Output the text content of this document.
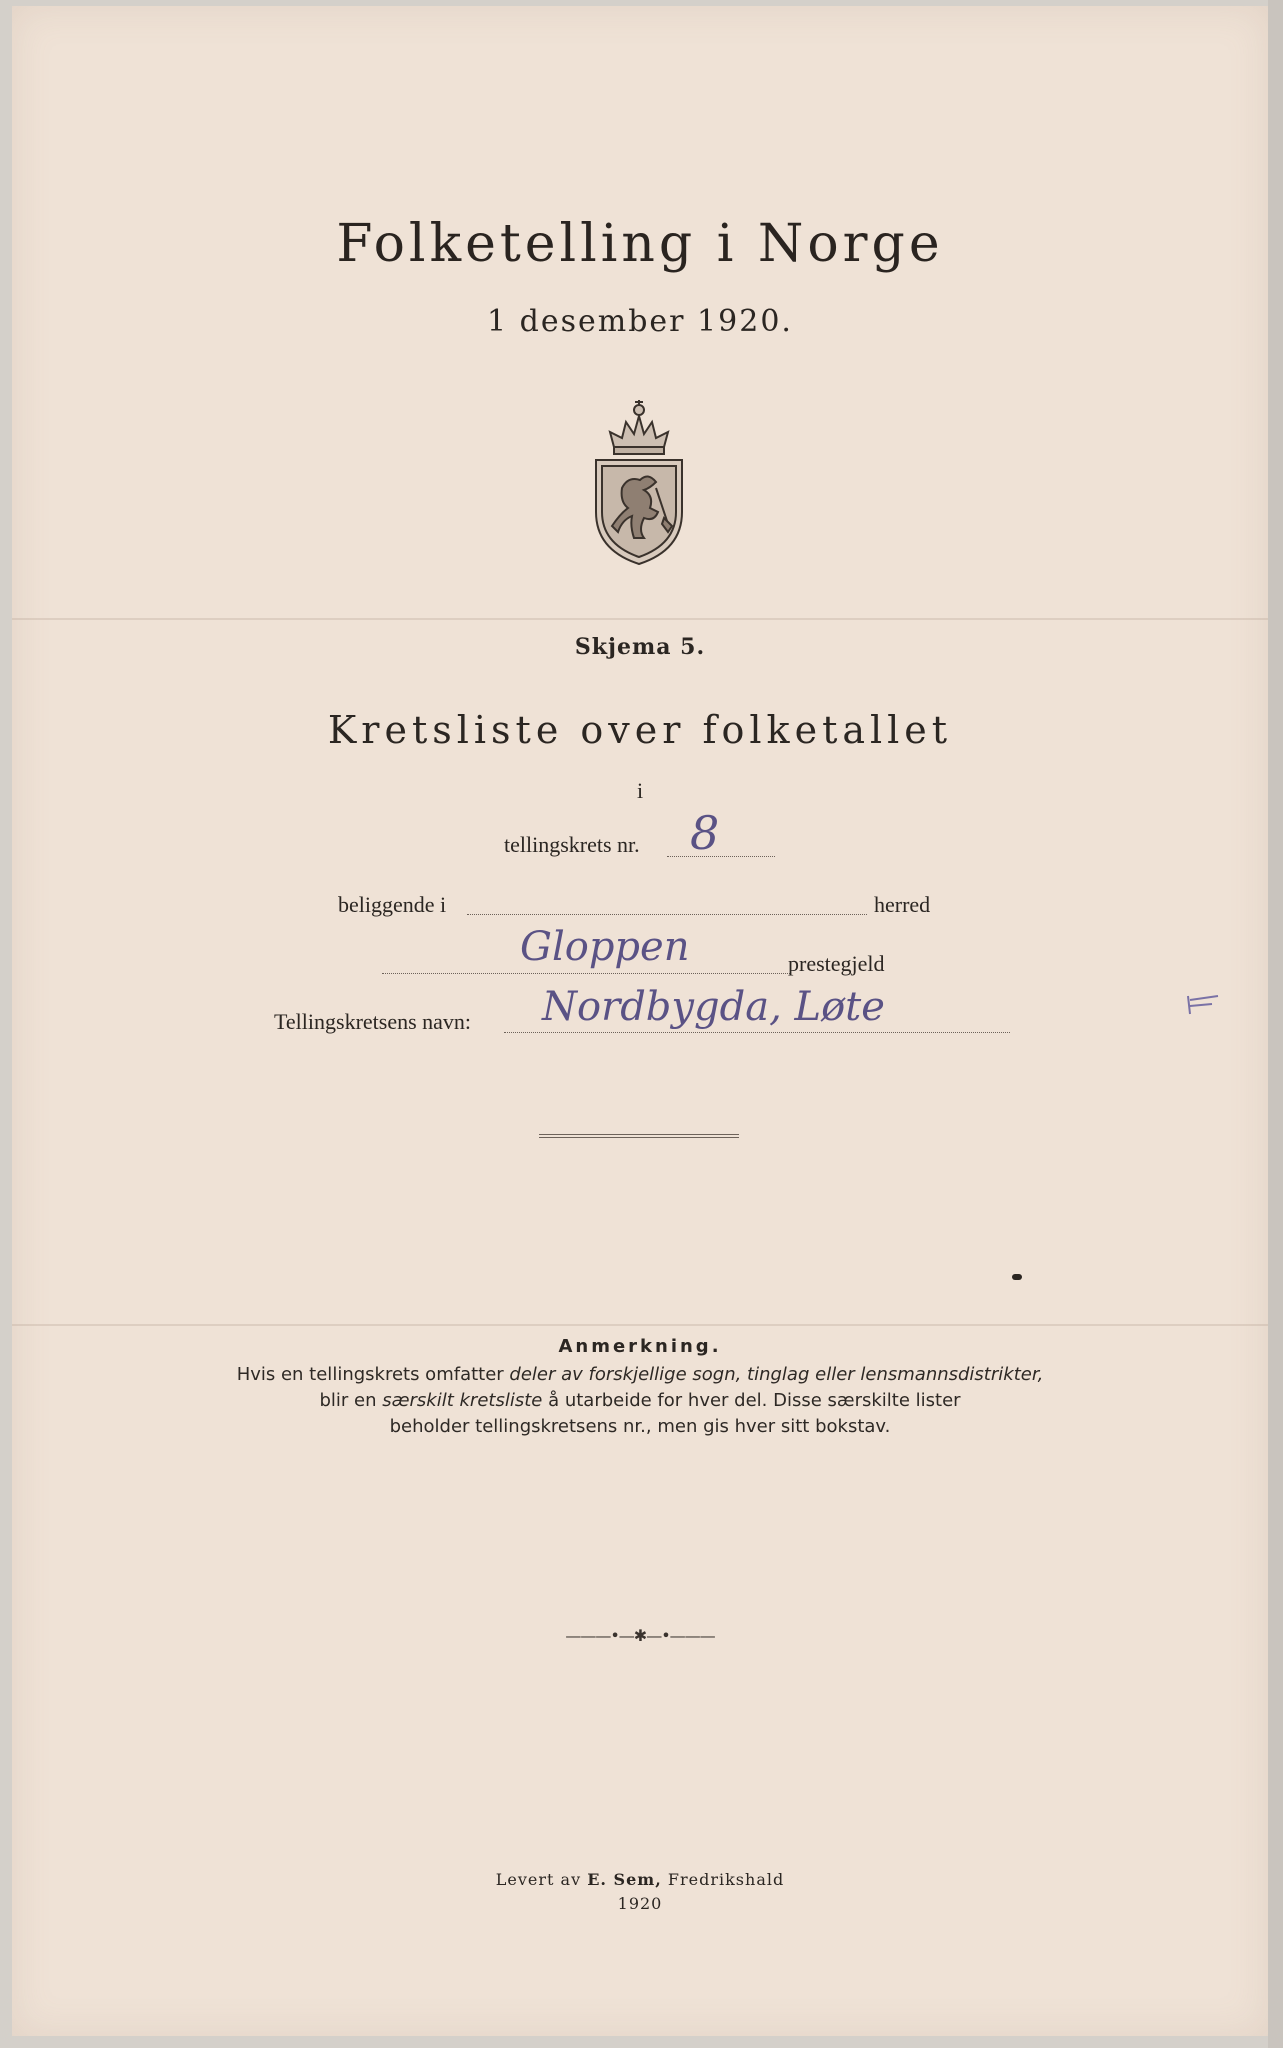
Folketelling i Norge
1 desember 1920.
Skjema 5.
Kretsliste over folketallet
i
tellingskrets nr. 8
beliggende i	herred
Gloppen	prestegjeld
Tellingskretsens navn: Nordbygda, Løte
Anmerkning.
Hvis en tellingskrets omfatter deler av forskjellige sogn, tinglag eller lensmannsdistrikter,
blir en særskilt kretsliste å utarbeide for hver del. Disse særskilte lister
beholder tellingskretsens nr., men gis hver sitt bokstav.
———•—✱—•———
Levert av E. Sem, Fredrikshald
1920
